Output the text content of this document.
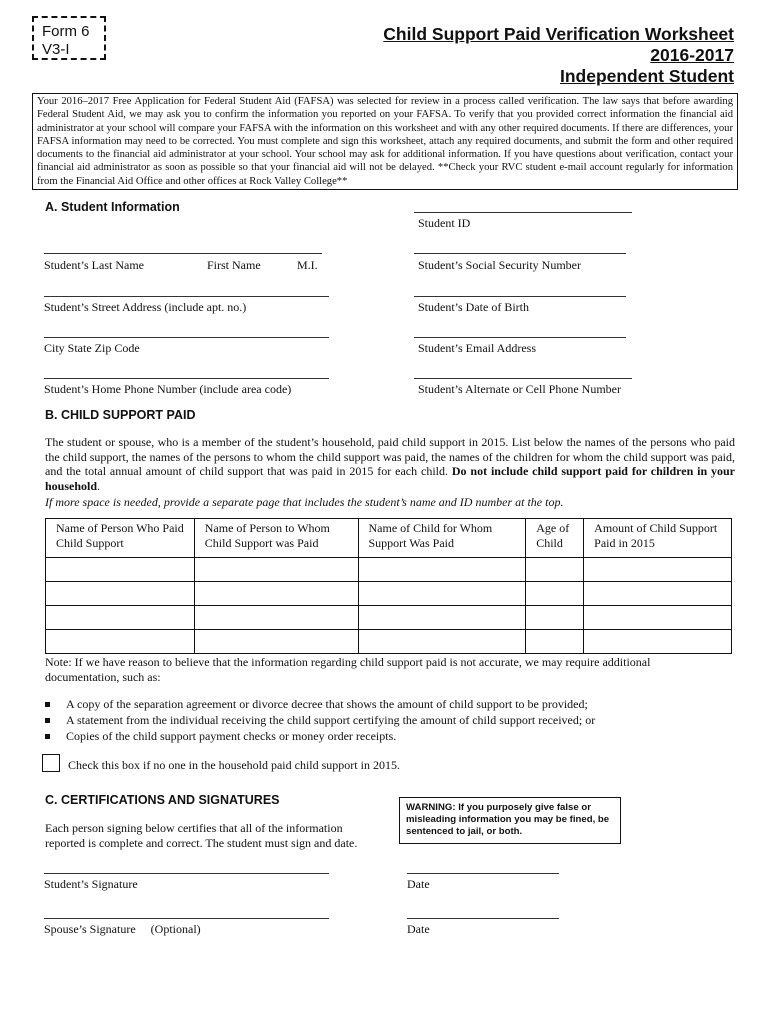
Form 6
V3-I
Child Support Paid Verification Worksheet
2016-2017
Independent Student
Your 2016–2017 Free Application for Federal Student Aid (FAFSA) was selected for review in a process called verification. The law says that before awarding Federal Student Aid, we may ask you to confirm the information you reported on your FAFSA. To verify that you provided correct information the financial aid administrator at your school will compare your FAFSA with the information on this worksheet and with any other required documents. If there are differences, your FAFSA information may need to be corrected. You must complete and sign this worksheet, attach any required documents, and submit the form and other required documents to the financial aid administrator at your school. Your school may ask for additional information. If you have questions about verification, contact your financial aid administrator as soon as possible so that your financial aid will not be delayed. **Check your RVC student e-mail account regularly for information from the Financial Aid Office and other offices at Rock Valley College**
A. Student Information
Student ID
Student’s Last Name	First Name	M.I.	Student’s Social Security Number
Student’s Street Address (include apt. no.)	Student’s Date of Birth
City State Zip Code	Student’s Email Address
Student’s Home Phone Number (include area code)	Student’s Alternate or Cell Phone Number
B. CHILD SUPPORT PAID
The student or spouse, who is a member of the student’s household, paid child support in 2015. List below the names of the persons who paid the child support, the names of the persons to whom the child support was paid, the names of the children for whom the child support was paid, and the total annual amount of child support that was paid in 2015 for each child. Do not include child support paid for children in your household.
If more space is needed, provide a separate page that includes the student’s name and ID number at the top.
Name of Person Who Paid Child Support	Name of Person to Whom Child Support was Paid	Name of Child for Whom Support Was Paid	Age of Child	Amount of Child Support Paid in 2015

Note: If we have reason to believe that the information regarding child support paid is not accurate, we may require additional documentation, such as:
A copy of the separation agreement or divorce decree that shows the amount of child support to be provided;
A statement from the individual receiving the child support certifying the amount of child support received; or
Copies of the child support payment checks or money order receipts.
Check this box if no one in the household paid child support in 2015.
C. CERTIFICATIONS AND SIGNATURES
WARNING: If you purposely give false or misleading information you may be fined, be sentenced to jail, or both.
Each person signing below certifies that all of the information reported is complete and correct. The student must sign and date.
Student’s Signature	Date
Spouse’s Signature     (Optional)	Date
